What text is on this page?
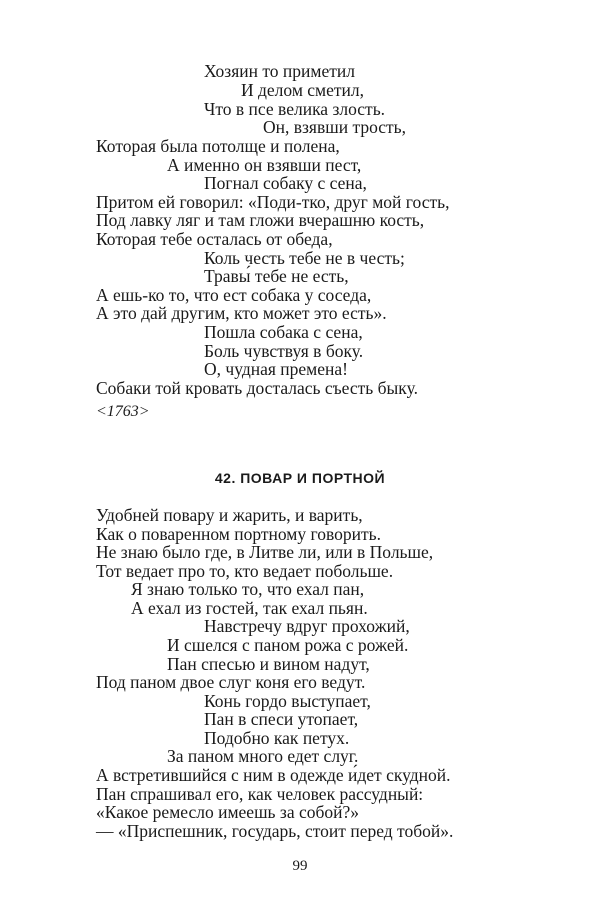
Хозяин то приметил
И делом сметил,
Что в псе велика злость.
Он, взявши трость,
Которая была потолще и полена,
А именно он взявши пест,
Погнал собаку с сена,
Притом ей говорил: «Поди-тко, друг мой гость,
Под лавку ляг и там гложи вчерашню кость,
Которая тебе осталась от обеда,
Коль честь тебе не в честь;
Травы́ тебе не есть,
А ешь-ко то, что ест собака у соседа,
А это дай другим, кто может это есть».
Пошла собака с сена,
Боль чувствуя в боку.
О, чудная премена!
Собаки той кровать досталась съесть быку.
<1763>
42. ПОВАР И ПОРТНОЙ
Удобней повару и жарить, и варить,
Как о поваренном портному говорить.
Не знаю было где, в Литве ли, или в Польше,
Тот ведает про то, кто ведает побольше.
Я знаю только то, что ехал пан,
А ехал из гостей, так ехал пьян.
Навстречу вдруг прохожий,
И сшелся с паном рожа с рожей.
Пан спесью и вином надут,
Под паном двое слуг коня его ведут.
Конь гордо выступает,
Пан в спеси утопает,
Подобно как петух.
За паном много едет слуг.
А встретившийся с ним в одежде и́дет скудной.
Пан спрашивал его, как человек рассудный:
«Какое ремесло имеешь за собой?»
— «Приспешник, государь, стоит перед тобой».
99
